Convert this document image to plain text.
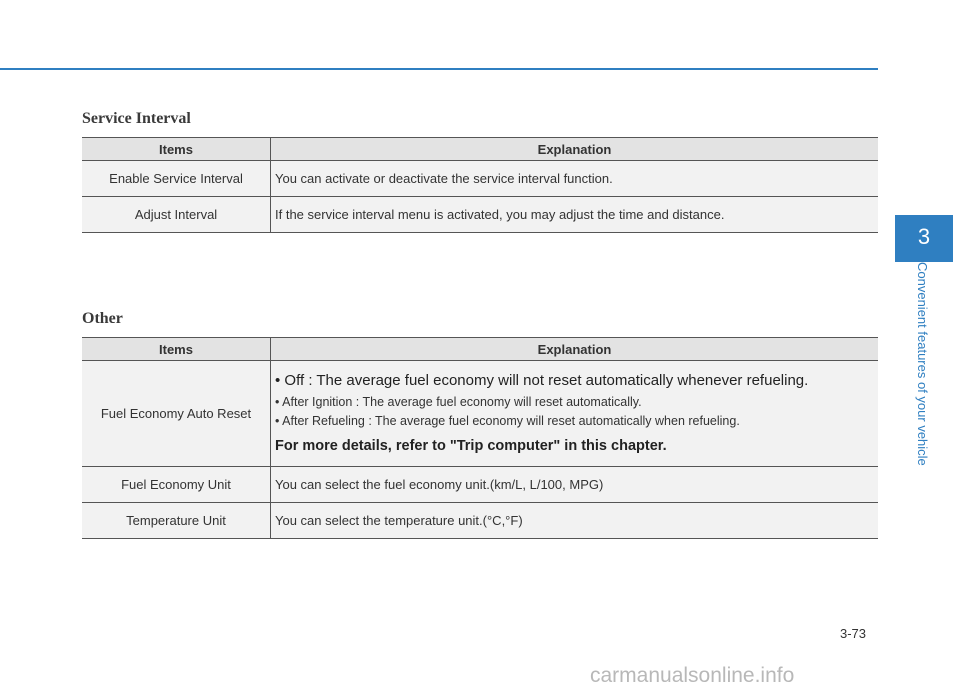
Service Interval
Items	Explanation
Enable Service Interval	You can activate or deactivate the service interval function.
Adjust Interval	If the service interval menu is activated, you may adjust the time and distance.
Other
Items	Explanation
Fuel Economy Auto Reset	• Off : The average fuel economy will not reset automatically whenever refueling.
• After Ignition : The average fuel economy will reset automatically.
• After Refueling : The average fuel economy will reset automatically when refueling.
For more details, refer to "Trip computer" in this chapter.

Fuel Economy Unit	You can select the fuel economy unit.(km/L, L/100, MPG)
Temperature Unit	You can select the temperature unit.(°C,°F)
3
Convenient features of your vehicle
3-73
carmanualsonline.info
